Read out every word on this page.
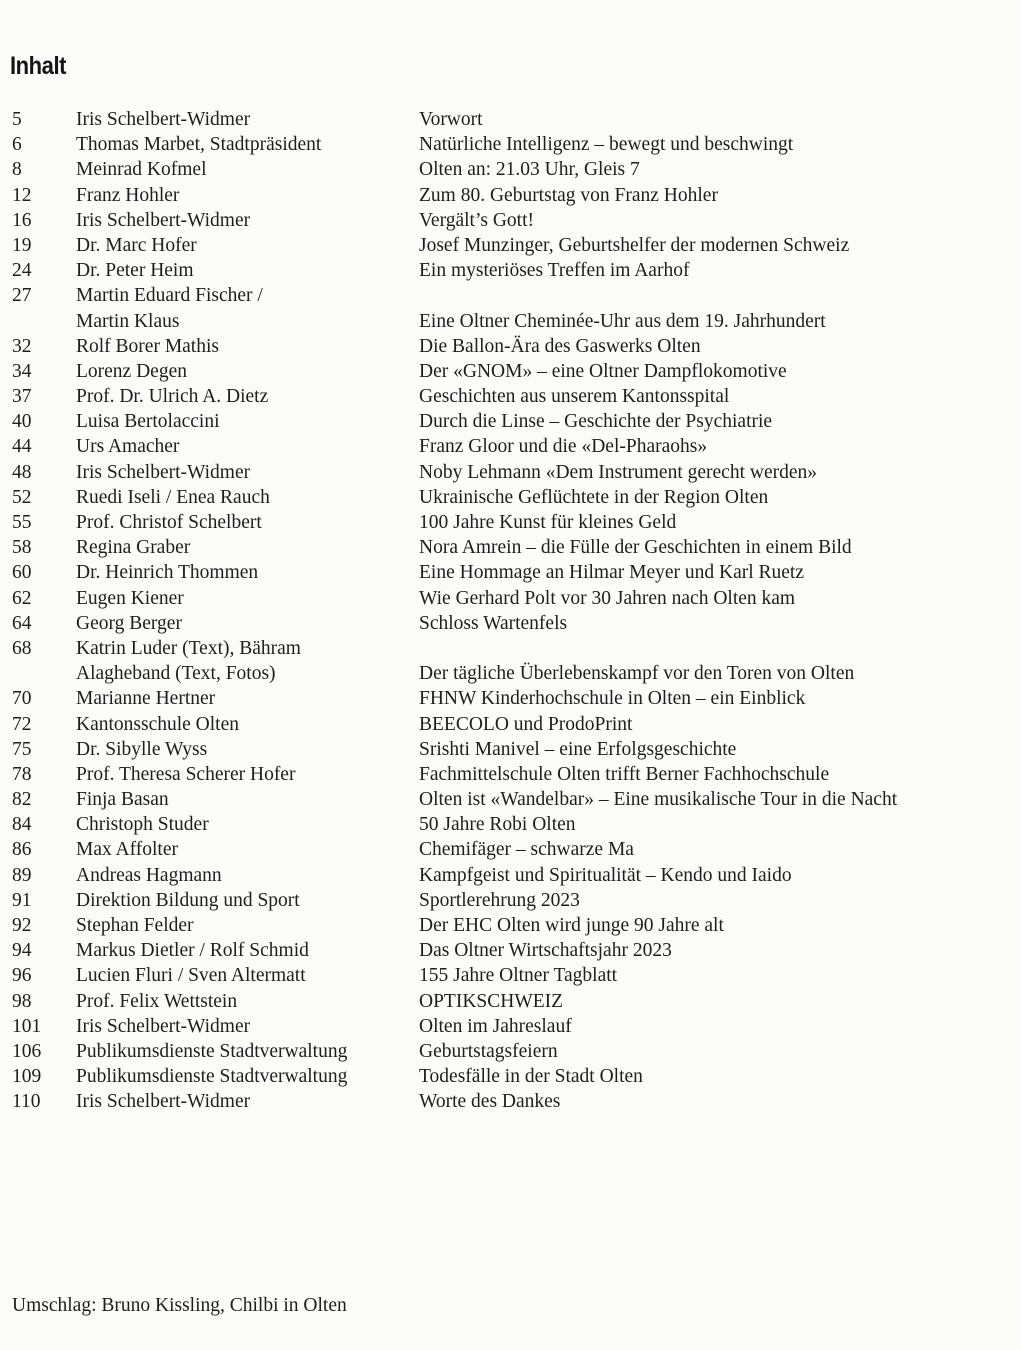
Inhalt
5	Iris Schelbert-Widmer	Vorwort
6	Thomas Marbet, Stadtpräsident	Natürliche Intelligenz – bewegt und beschwingt
8	Meinrad Kofmel	Olten an: 21.03 Uhr, Gleis 7
12	Franz Hohler	Zum 80. Geburtstag von Franz Hohler
16	Iris Schelbert-Widmer	Vergält’s Gott!
19	Dr. Marc Hofer	Josef Munzinger, Geburtshelfer der modernen Schweiz
24	Dr. Peter Heim	Ein mysteriöses Treffen im Aarhof
27	Martin Eduard Fischer /
Martin Klaus	Eine Oltner Cheminée-Uhr aus dem 19. Jahrhundert
32	Rolf Borer Mathis	Die Ballon-Ära des Gaswerks Olten
34	Lorenz Degen	Der «GNOM» – eine Oltner Dampflokomotive
37	Prof. Dr. Ulrich A. Dietz	Geschichten aus unserem Kantonsspital
40	Luisa Bertolaccini	Durch die Linse – Geschichte der Psychiatrie
44	Urs Amacher	Franz Gloor und die «Del-Pharaohs»
48	Iris Schelbert-Widmer	Noby Lehmann «Dem Instrument gerecht werden»
52	Ruedi Iseli / Enea Rauch	Ukrainische Geflüchtete in der Region Olten
55	Prof. Christof Schelbert	100 Jahre Kunst für kleines Geld
58	Regina Graber	Nora Amrein – die Fülle der Geschichten in einem Bild
60	Dr. Heinrich Thommen	Eine Hommage an Hilmar Meyer und Karl Ruetz
62	Eugen Kiener	Wie Gerhard Polt vor 30 Jahren nach Olten kam
64	Georg Berger	Schloss Wartenfels
68	Katrin Luder (Text), Bähram
Alagheband (Text, Fotos)	Der tägliche Überlebenskampf vor den Toren von Olten
70	Marianne Hertner	FHNW Kinderhochschule in Olten – ein Einblick
72	Kantonsschule Olten	BEECOLO und ProdoPrint
75	Dr. Sibylle Wyss	Srishti Manivel – eine Erfolgsgeschichte
78	Prof. Theresa Scherer Hofer	Fachmittelschule Olten trifft Berner Fachhochschule
82	Finja Basan	Olten ist «Wandelbar» – Eine musikalische Tour in die Nacht
84	Christoph Studer	50 Jahre Robi Olten
86	Max Affolter	Chemifäger – schwarze Ma
89	Andreas Hagmann	Kampfgeist und Spiritualität – Kendo und Iaido
91	Direktion Bildung und Sport	Sportlerehrung 2023
92	Stephan Felder	Der EHC Olten wird junge 90 Jahre alt
94	Markus Dietler / Rolf Schmid	Das Oltner Wirtschaftsjahr 2023
96	Lucien Fluri / Sven Altermatt	155 Jahre Oltner Tagblatt
98	Prof. Felix Wettstein	OPTIKSCHWEIZ
101	Iris Schelbert-Widmer	Olten im Jahreslauf
106	Publikumsdienste Stadtverwaltung	Geburtstagsfeiern
109	Publikumsdienste Stadtverwaltung	Todesfälle in der Stadt Olten
110	Iris Schelbert-Widmer	Worte des Dankes
Umschlag: Bruno Kissling, Chilbi in Olten
